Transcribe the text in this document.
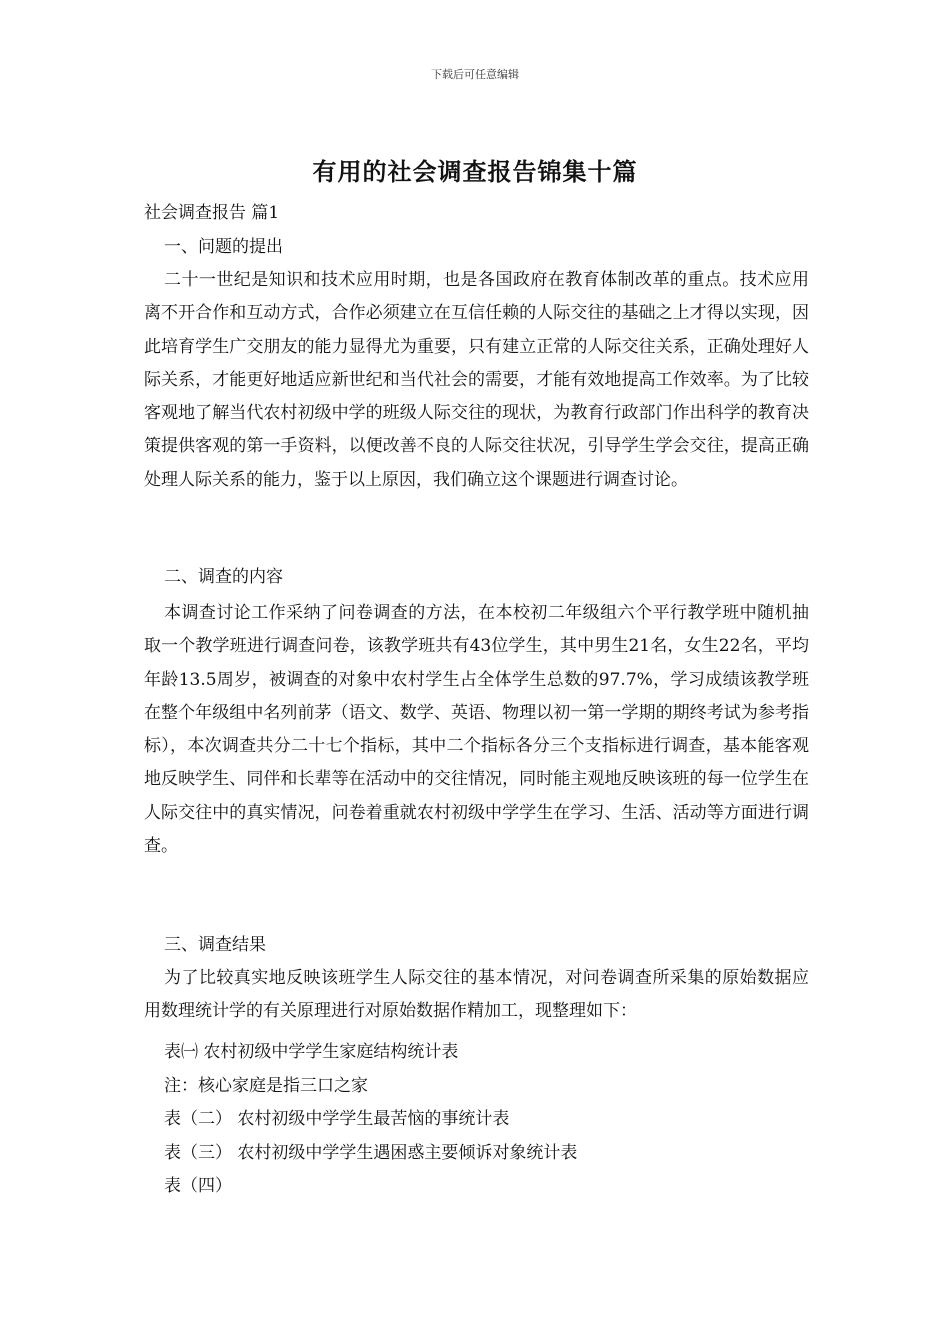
下载后可任意编辑
有用的社会调查报告锦集十篇
社会调查报告 篇1
一、问题的提出

二十一世纪是知识和技术应用时期，也是各国政府在教育体制改革的重点。技术应用离不开合作和互动方式，合作必须建立在互信任赖的人际交往的基础之上才得以实现，因此培育学生广交朋友的能力显得尤为重要，只有建立正常的人际交往关系，正确处理好人际关系，才能更好地适应新世纪和当代社会的需要，才能有效地提高工作效率。为了比较客观地了解当代农村初级中学的班级人际交往的现状，为教育行政部门作出科学的教育决策提供客观的第一手资料，以便改善不良的人际交往状况，引导学生学会交往，提高正确处理人际关系的能力，鉴于以上原因，我们确立这个课题进行调查讨论。

二、调查的内容

本调查讨论工作采纳了问卷调查的方法，在本校初二年级组六个平行教学班中随机抽取一个教学班进行调查问卷，该教学班共有43位学生，其中男生21名，女生22名，平均年龄13.5周岁，被调查的对象中农村学生占全体学生总数的97.7%，学习成绩该教学班在整个年级组中名列前茅（语文、数学、英语、物理以初一第一学期的期终考试为参考指标），本次调查共分二十七个指标，其中二个指标各分三个支指标进行调查，基本能客观地反映学生、同伴和长辈等在活动中的交往情况，同时能主观地反映该班的每一位学生在人际交往中的真实情况，问卷着重就农村初级中学学生在学习、生活、活动等方面进行调查。

三、调查结果

为了比较真实地反映该班学生人际交往的基本情况，对问卷调查所采集的原始数据应用数理统计学的有关原理进行对原始数据作精加工，现整理如下：

表㈠ 农村初级中学学生家庭结构统计表
注：核心家庭是指三口之家
表（二） 农村初级中学学生最苦恼的事统计表
表（三） 农村初级中学学生遇困惑主要倾诉对象统计表
表（四）
